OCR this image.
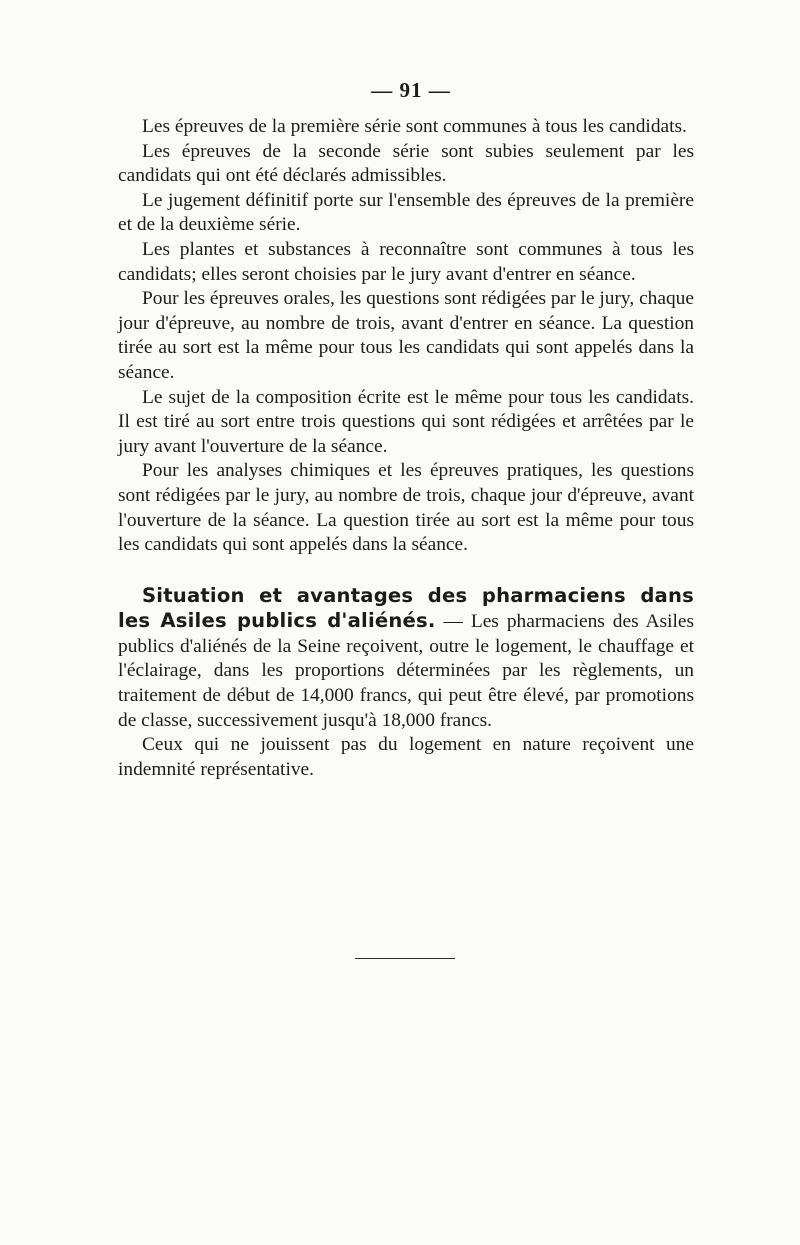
— 91 —

Les épreuves de la première série sont communes à tous les candidats.

Les épreuves de la seconde série sont subies seulement par les candidats qui ont été déclarés admissibles.

Le jugement définitif porte sur l'ensemble des épreuves de la première et de la deuxième série.

Les plantes et substances à reconnaître sont communes à tous les candidats; elles seront choisies par le jury avant d'entrer en séance.

Pour les épreuves orales, les questions sont rédigées par le jury, chaque jour d'épreuve, au nombre de trois, avant d'entrer en séance. La question tirée au sort est la même pour tous les candidats qui sont appelés dans la séance.

Le sujet de la composition écrite est le même pour tous les candidats. Il est tiré au sort entre trois questions qui sont rédigées et arrêtées par le jury avant l'ouverture de la séance.

Pour les analyses chimiques et les épreuves pratiques, les questions sont rédigées par le jury, au nombre de trois, chaque jour d'épreuve, avant l'ouverture de la séance. La question tirée au sort est la même pour tous les candidats qui sont appelés dans la séance.

Situation et avantages des pharmaciens dans les Asiles publics d'aliénés. — Les pharmaciens des Asiles publics d'aliénés de la Seine reçoivent, outre le logement, le chauffage et l'éclairage, dans les proportions déterminées par les règlements, un traitement de début de 14,000 francs, qui peut être élevé, par promotions de classe, successivement jusqu'à 18,000 francs.

Ceux qui ne jouissent pas du logement en nature reçoivent une indemnité représentative.
